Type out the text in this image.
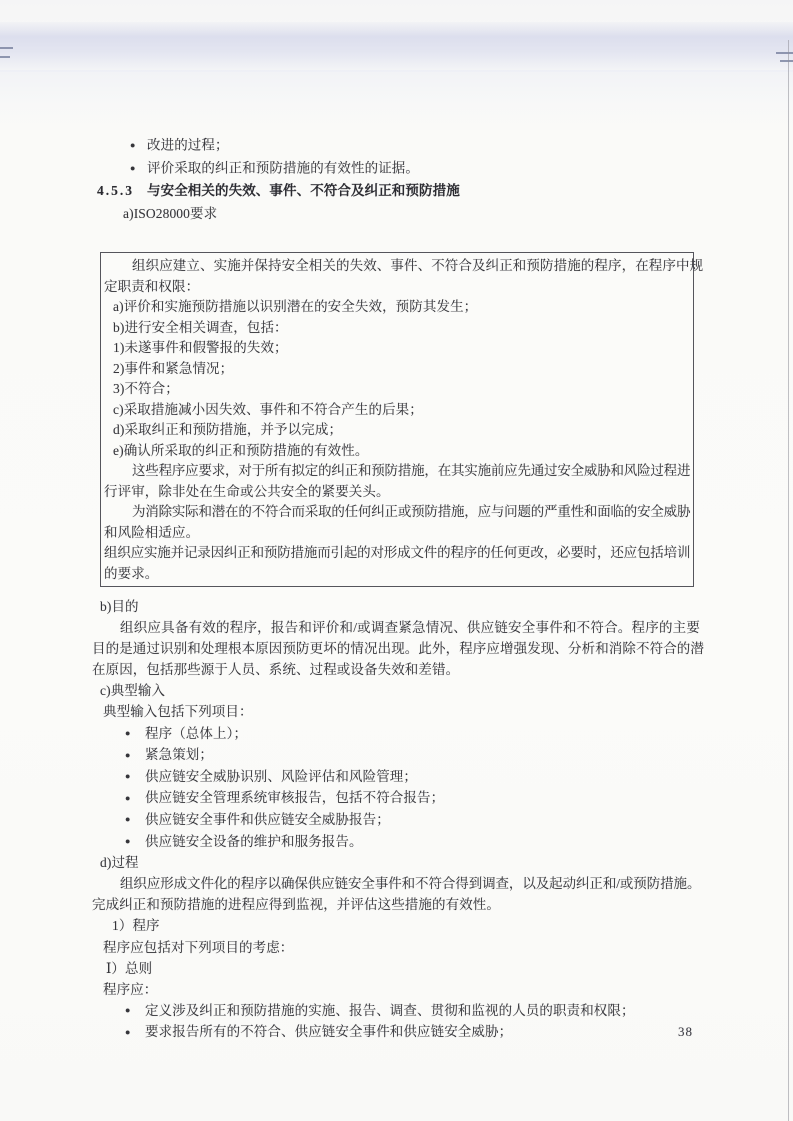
● 改进的过程；
● 评价采取的纠正和预防措施的有效性的证据。
4.5.3 与安全相关的失效、事件、不符合及纠正和预防措施
a)ISO28000要求
组织应建立、实施并保持安全相关的失效、事件、不符合及纠正和预防措施的程序，在程序中规
定职责和权限：
a)评价和实施预防措施以识别潜在的安全失效，预防其发生；
b)进行安全相关调查，包括：
1)未遂事件和假警报的失效；
2)事件和紧急情况；
3)不符合；
c)采取措施减小因失效、事件和不符合产生的后果；
d)采取纠正和预防措施，并予以完成；
e)确认所采取的纠正和预防措施的有效性。
这些程序应要求，对于所有拟定的纠正和预防措施，在其实施前应先通过安全威胁和风险过程进
行评审，除非处在生命或公共安全的紧要关头。
为消除实际和潜在的不符合而采取的任何纠正或预防措施，应与问题的严重性和面临的安全威胁
和风险相适应。
组织应实施并记录因纠正和预防措施而引起的对形成文件的程序的任何更改，必要时，还应包括培训
的要求。
b)目的
组织应具备有效的程序，报告和评价和/或调查紧急情况、供应链安全事件和不符合。程序的主要
目的是通过识别和处理根本原因预防更坏的情况出现。此外，程序应增强发现、分析和消除不符合的潜
在原因，包括那些源于人员、系统、过程或设备失效和差错。
c)典型输入
典型输入包括下列项目：
● 程序（总体上）；
● 紧急策划；
● 供应链安全威胁识别、风险评估和风险管理；
● 供应链安全管理系统审核报告，包括不符合报告；
● 供应链安全事件和供应链安全威胁报告；
● 供应链安全设备的维护和服务报告。
d)过程
组织应形成文件化的程序以确保供应链安全事件和不符合得到调查，以及起动纠正和/或预防措施。
完成纠正和预防措施的进程应得到监视，并评估这些措施的有效性。
1）程序
程序应包括对下列项目的考虑：
Ⅰ）总则
程序应：
● 定义涉及纠正和预防措施的实施、报告、调查、贯彻和监视的人员的职责和权限；
● 要求报告所有的不符合、供应链安全事件和供应链安全威胁；	38
